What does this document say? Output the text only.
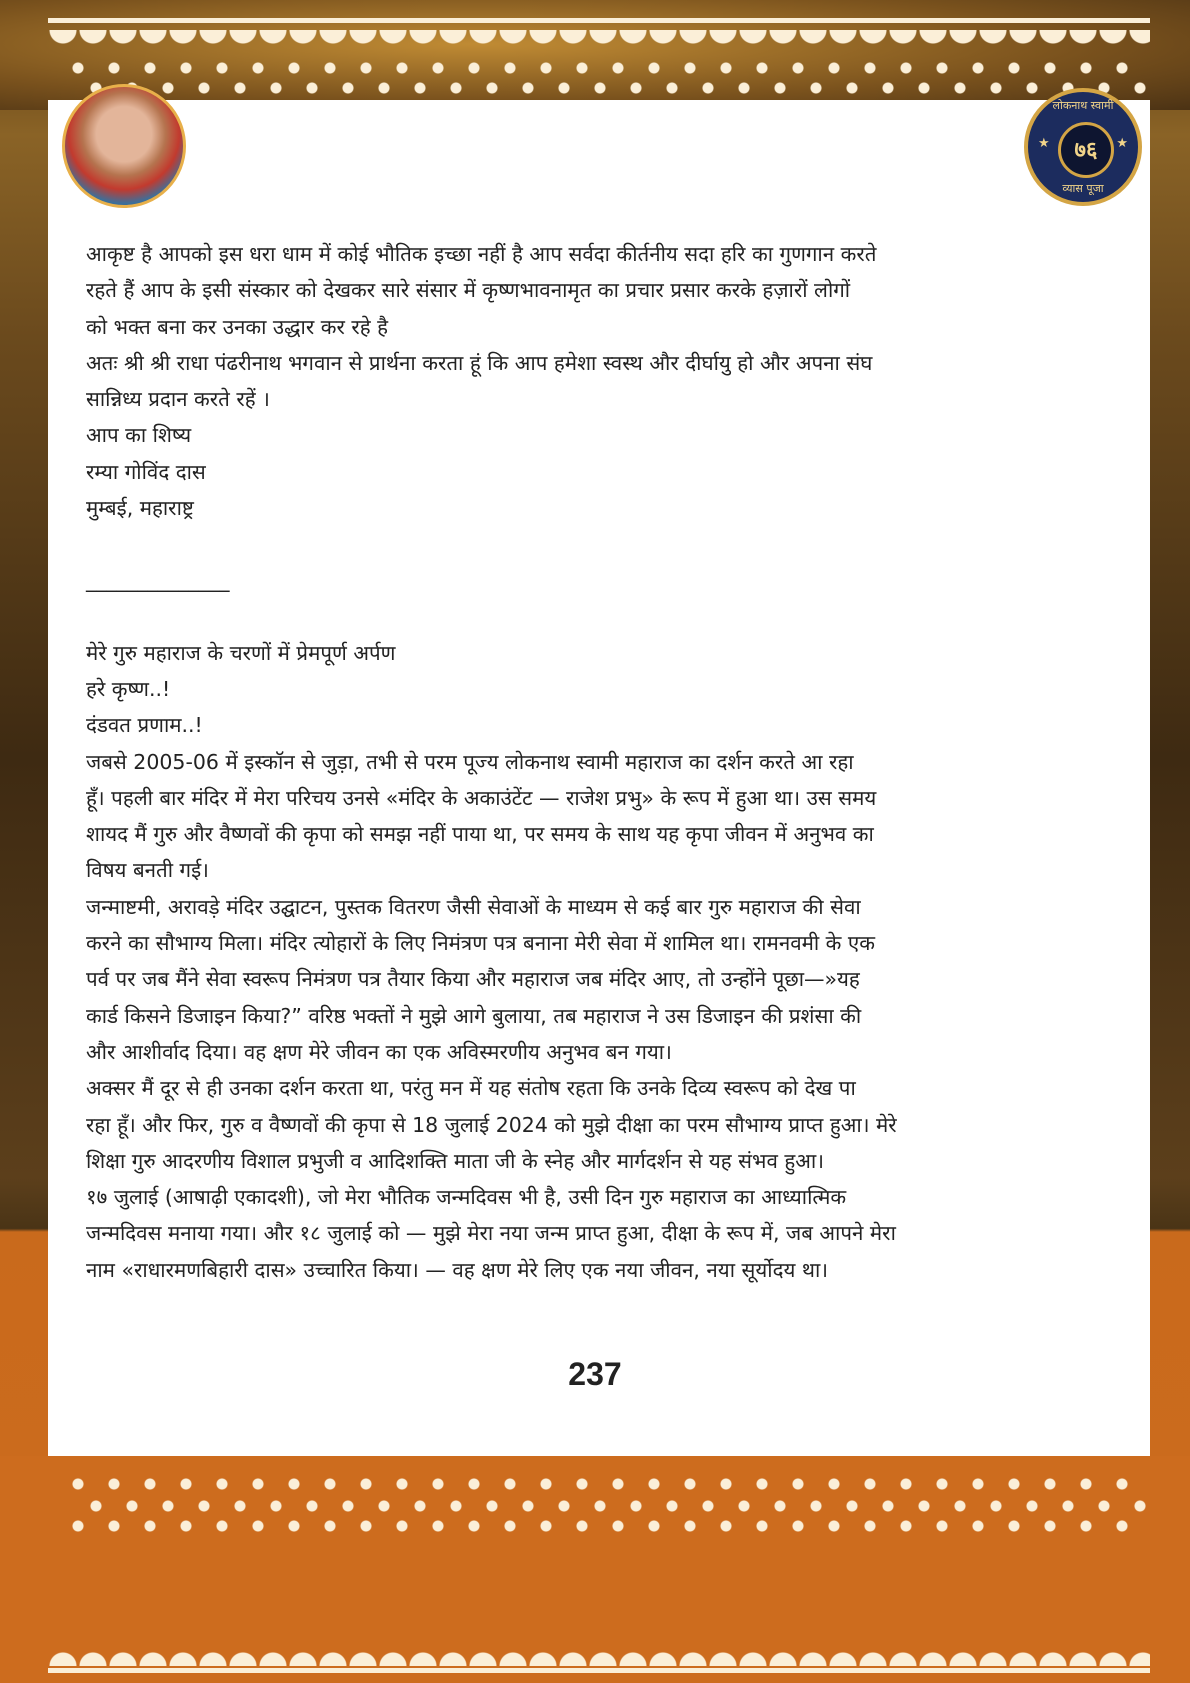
लोकनाथ स्वामी
★	७६	★
व्यास पूजा
आकृष्ट है आपको इस धरा धाम में कोई भौतिक इच्छा नहीं है आप सर्वदा कीर्तनीय सदा हरि का गुणगान करते
रहते हैं आप के इसी संस्कार को देखकर सारे संसार में कृष्णभावनामृत का प्रचार प्रसार करके हज़ारों लोगों
को भक्त बना कर उनका उद्धार कर रहे है
अतः श्री श्री राधा पंढरीनाथ भगवान से प्रार्थना करता हूं कि आप हमेशा स्वस्थ और दीर्घायु हो और अपना संघ
सान्निध्य प्रदान करते रहें ।
आप का शिष्य
रम्या गोविंद दास
मुम्बई, महाराष्ट्र
______________
मेरे गुरु महाराज के चरणों में प्रेमपूर्ण अर्पण
हरे कृष्ण..!
दंडवत प्रणाम..!
जबसे 2005-06 में इस्कॉन से जुड़ा, तभी से परम पूज्य लोकनाथ स्वामी महाराज का दर्शन करते आ रहा
हूँ। पहली बार मंदिर में मेरा परिचय उनसे «मंदिर के अकाउंटेंट — राजेश प्रभु» के रूप में हुआ था। उस समय
शायद मैं गुरु और वैष्णवों की कृपा को समझ नहीं पाया था, पर समय के साथ यह कृपा जीवन में अनुभव का
विषय बनती गई।
जन्माष्टमी, अरावड़े मंदिर उद्घाटन, पुस्तक वितरण जैसी सेवाओं के माध्यम से कई बार गुरु महाराज की सेवा
करने का सौभाग्य मिला। मंदिर त्योहारों के लिए निमंत्रण पत्र बनाना मेरी सेवा में शामिल था। रामनवमी के एक
पर्व पर जब मैंने सेवा स्वरूप निमंत्रण पत्र तैयार किया और महाराज जब मंदिर आए, तो उन्होंने पूछा—»यह
कार्ड किसने डिजाइन किया?” वरिष्ठ भक्तों ने मुझे आगे बुलाया, तब महाराज ने उस डिजाइन की प्रशंसा की
और आशीर्वाद दिया। वह क्षण मेरे जीवन का एक अविस्मरणीय अनुभव बन गया।
अक्सर मैं दूर से ही उनका दर्शन करता था, परंतु मन में यह संतोष रहता कि उनके दिव्य स्वरूप को देख पा
रहा हूँ। और फिर, गुरु व वैष्णवों की कृपा से 18 जुलाई 2024 को मुझे दीक्षा का परम सौभाग्य प्राप्त हुआ। मेरे
शिक्षा गुरु आदरणीय विशाल प्रभुजी व आदिशक्ति माता जी के स्नेह और मार्गदर्शन से यह संभव हुआ।
१७ जुलाई (आषाढ़ी एकादशी), जो मेरा भौतिक जन्मदिवस भी है, उसी दिन गुरु महाराज का आध्यात्मिक
जन्मदिवस मनाया गया। और १८ जुलाई को — मुझे मेरा नया जन्म प्राप्त हुआ, दीक्षा के रूप में, जब आपने मेरा
नाम «राधारमणबिहारी दास» उच्चारित किया। — वह क्षण मेरे लिए एक नया जीवन, नया सूर्योदय था।
237
